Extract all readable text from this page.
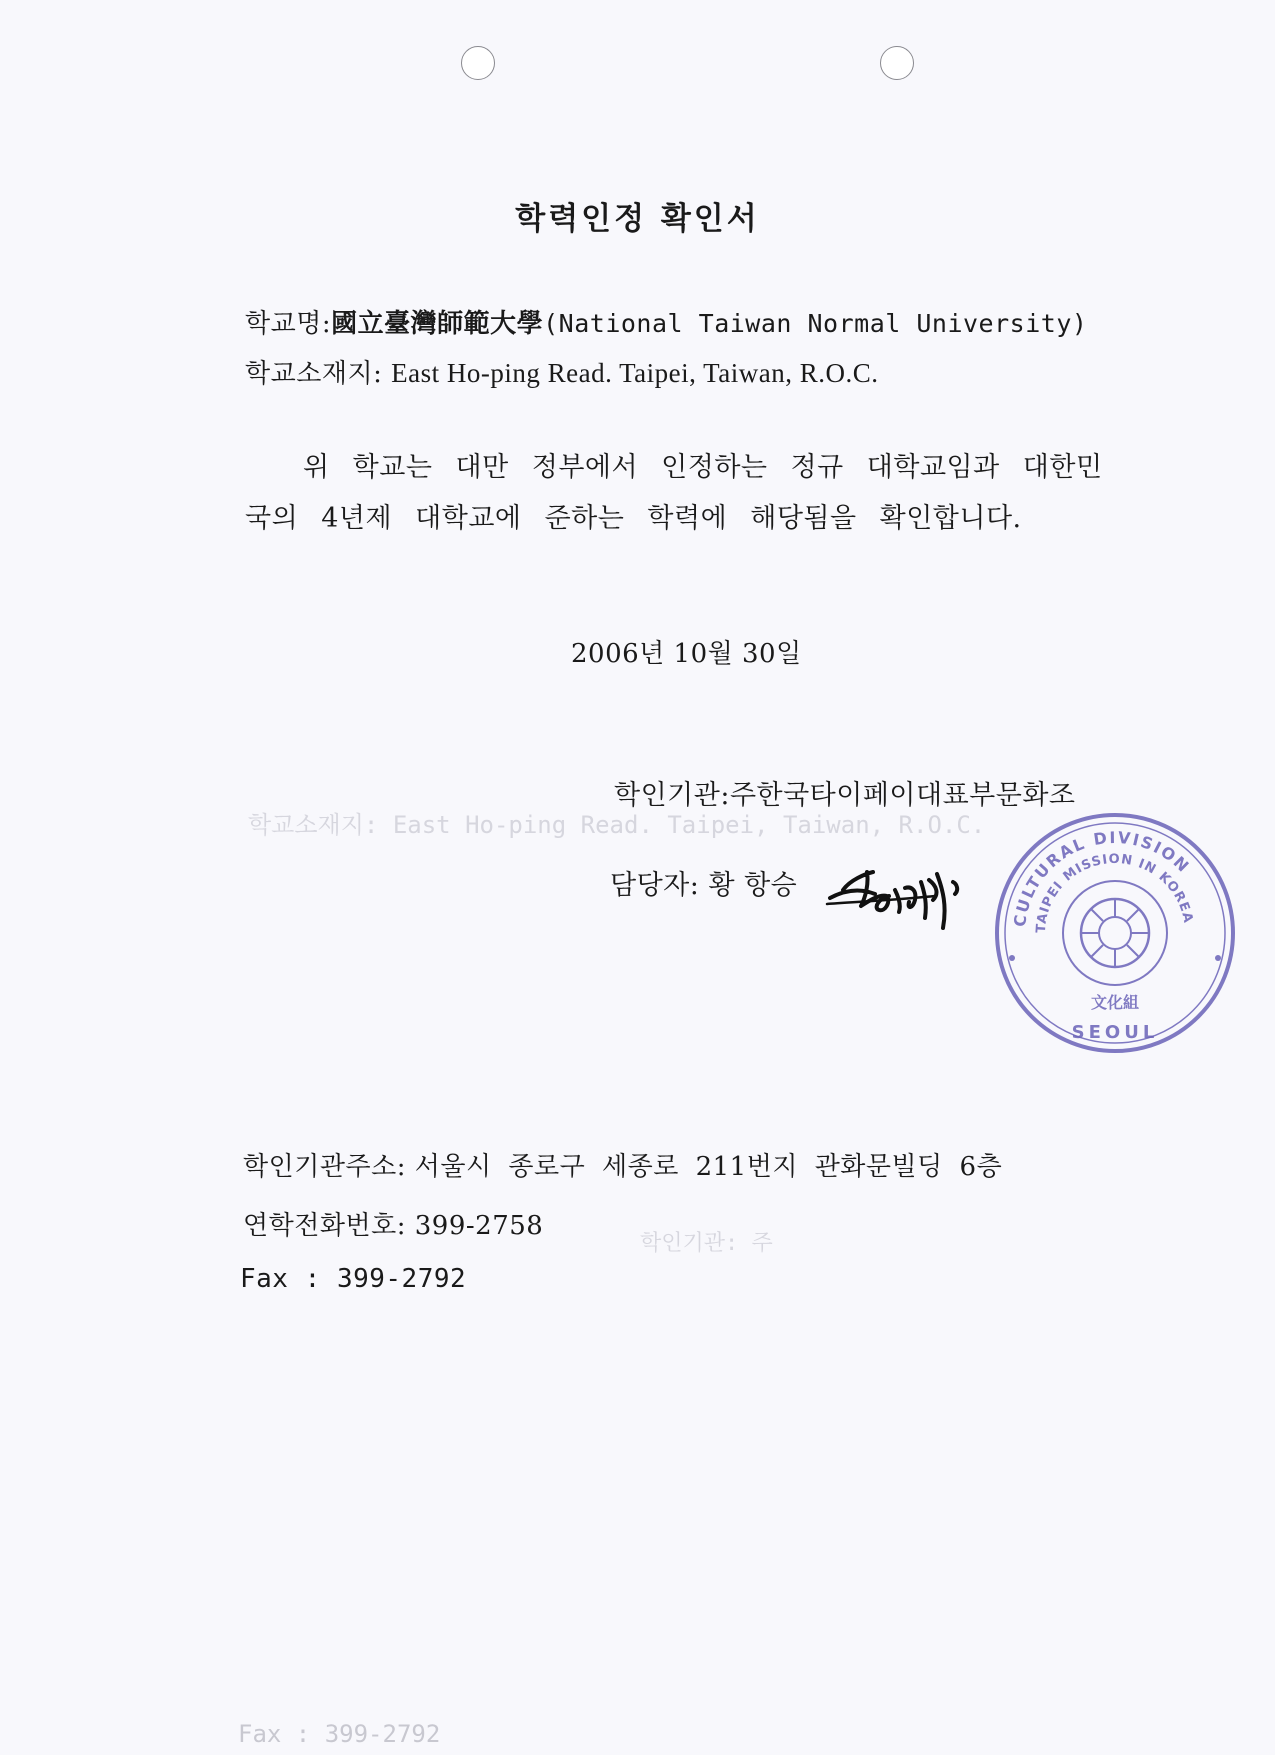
학교소재지: East Ho-ping Read. Taipei, Taiwan, R.O.C.
학인기관: 주
Fax : 399-2792
학력인정 확인서
학교명:國立臺灣師範大學(National Taiwan Normal University)
학교소재지: East Ho-ping Read. Taipei, Taiwan, R.O.C.
위 학교는 대만 정부에서 인정하는 정규 대학교임과 대한민
국의 4년제 대학교에 준하는 학력에 해당됨을 확인합니다.
2006년 10월 30일
학인기관:주한국타이페이대표부문화조
담당자: 황 항승
CULTURAL DIVISION
TAIPEI MISSION IN KOREA
文化組
SEOUL
학인기관주소: 서울시 종로구 세종로 211번지 관화문빌딩 6층
연학전화번호: 399-2758
Fax : 399-2792
